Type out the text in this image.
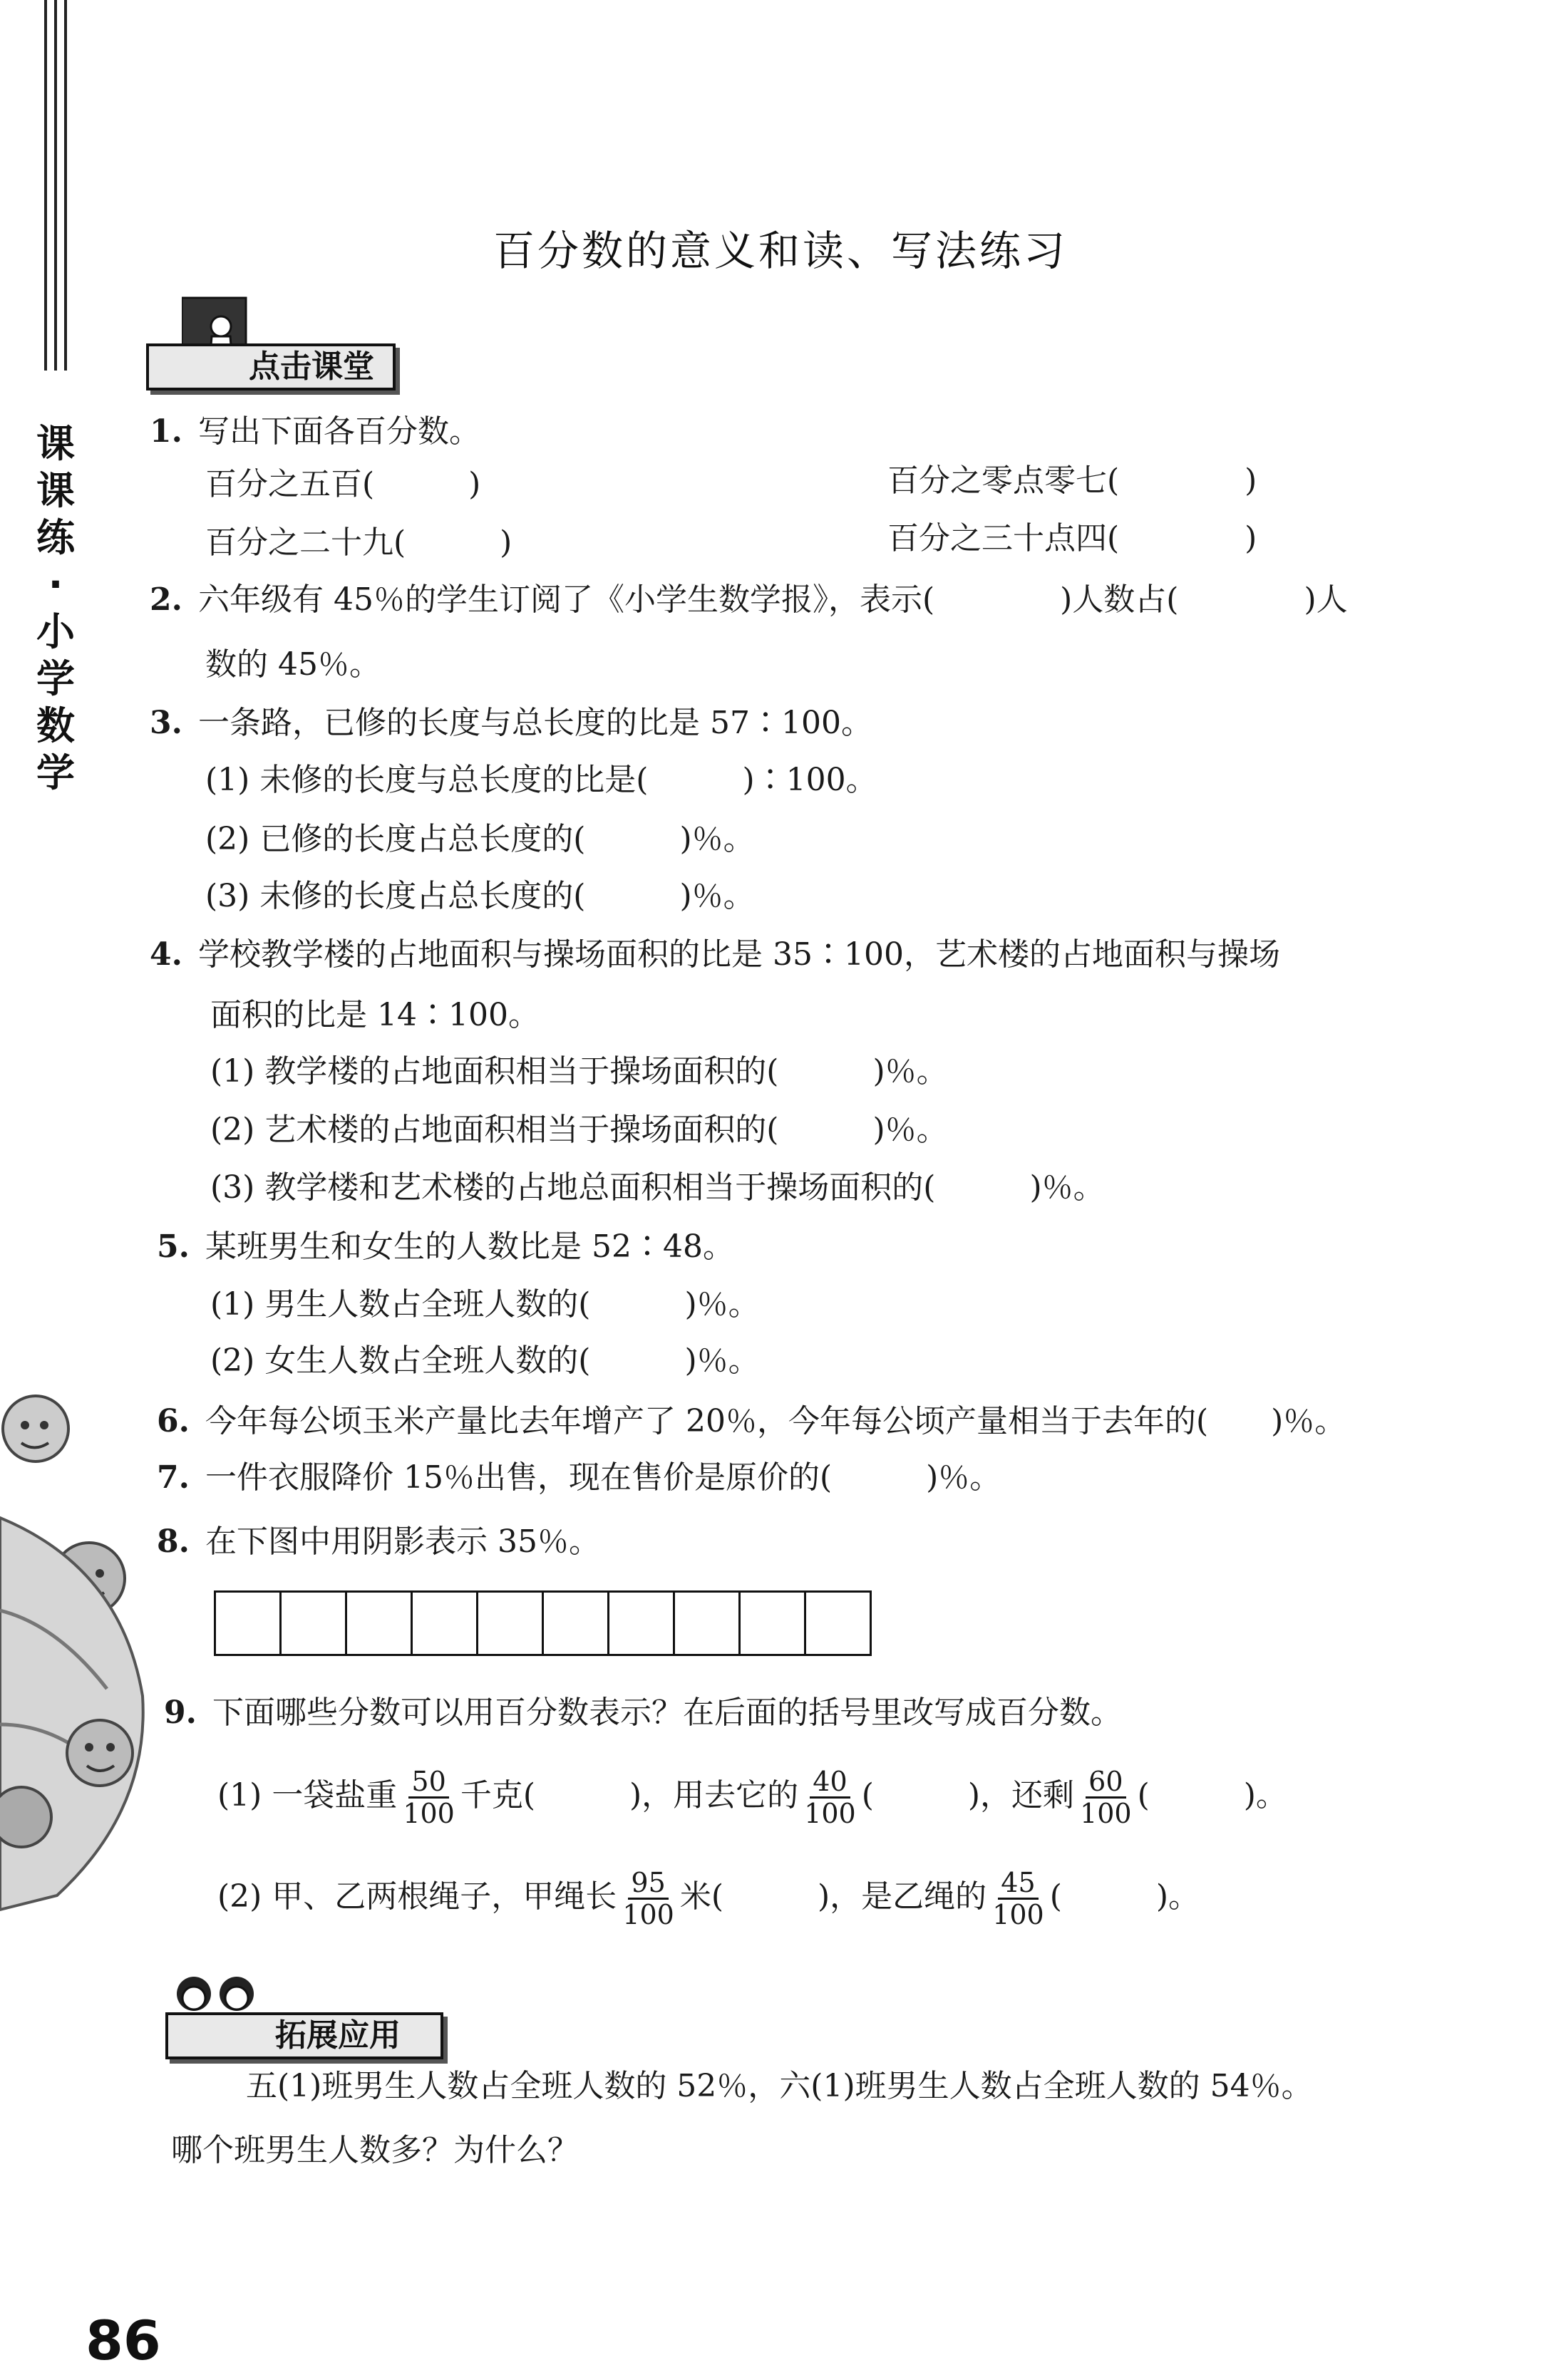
课
课
练
·
小
学
数
学
百分数的意义和读、写法练习
点击课堂
1. 写出下面各百分数。
百分之五百(　　　)	百分之零点零七(　　　　)
百分之二十九(　　　)	百分之三十点四(　　　　)
2. 六年级有 45％的学生订阅了《小学生数学报》，表示(　　　　)人数占(　　　　)人
数的 45％。
3. 一条路，已修的长度与总长度的比是 57∶100。
(1) 未修的长度与总长度的比是(　　　)∶100。
(2) 已修的长度占总长度的(　　　)％。
(3) 未修的长度占总长度的(　　　)％。
4. 学校教学楼的占地面积与操场面积的比是 35∶100，艺术楼的占地面积与操场
面积的比是 14∶100。
(1) 教学楼的占地面积相当于操场面积的(　　　)％。
(2) 艺术楼的占地面积相当于操场面积的(　　　)％。
(3) 教学楼和艺术楼的占地总面积相当于操场面积的(　　　)％。
5. 某班男生和女生的人数比是 52∶48。
(1) 男生人数占全班人数的(　　　)％。
(2) 女生人数占全班人数的(　　　)％。
6. 今年每公顷玉米产量比去年增产了 20％，今年每公顷产量相当于去年的(　　)％。
7. 一件衣服降价 15％出售，现在售价是原价的(　　　)％。
8. 在下图中用阴影表示 35％。
9. 下面哪些分数可以用百分数表示？在后面的括号里改写成百分数。
(1) 一袋盐重 $\frac{50}{100}$ 千克(　　　)，用去它的 $\frac{40}{100}$ (　　　)，还剩 $\frac{60}{100}$ (　　　)。
(2) 甲、乙两根绳子，甲绳长 $\frac{95}{100}$ 米(　　　)，是乙绳的 $\frac{45}{100}$ (　　　)。
拓展应用
五(1)班男生人数占全班人数的 52％，六(1)班男生人数占全班人数的 54％。
哪个班男生人数多？为什么？
86
